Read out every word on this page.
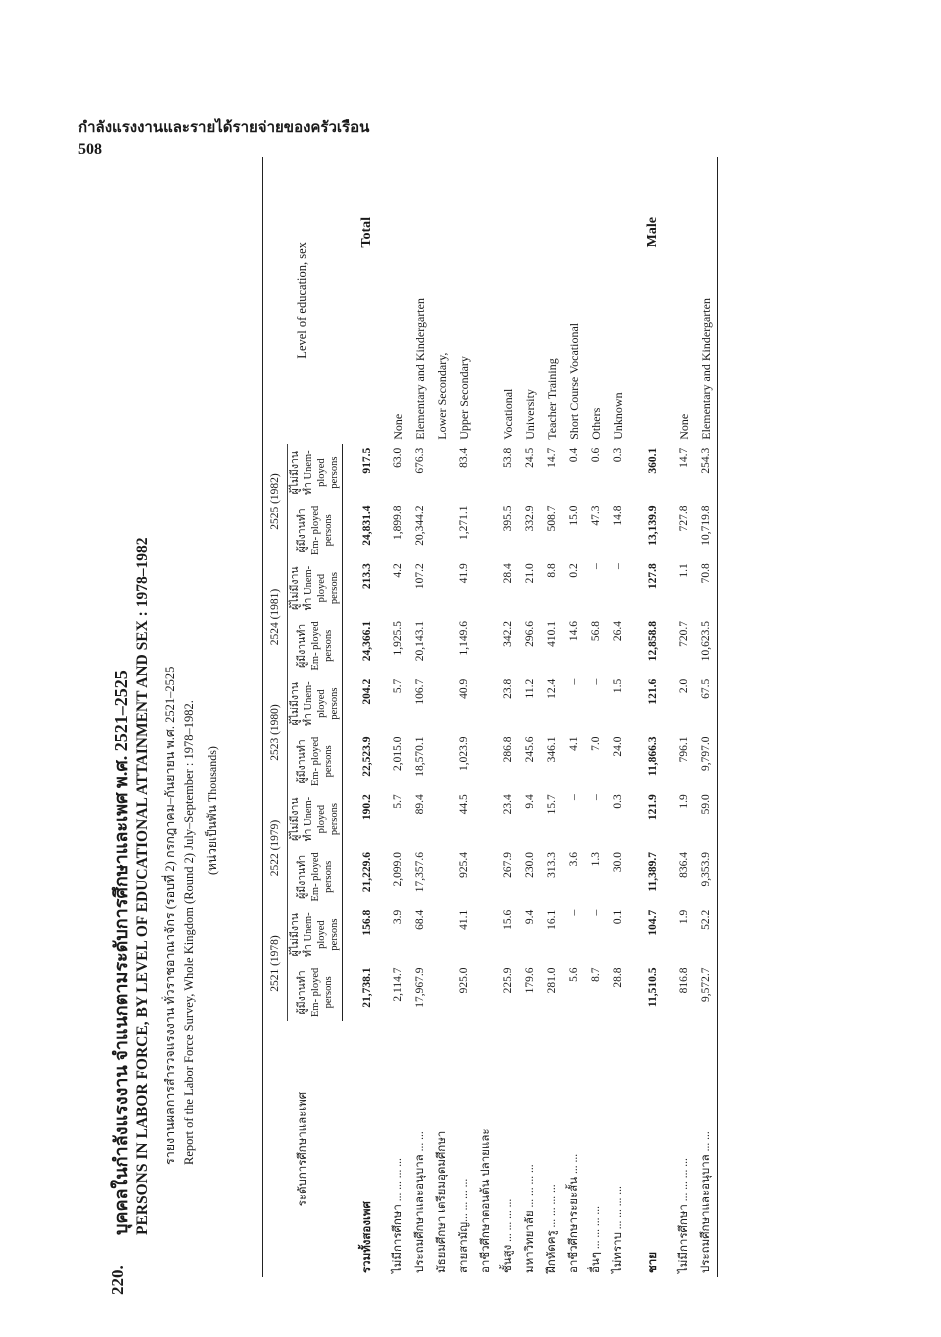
กำลังแรงงานและรายได้รายจ่ายของครัวเรือน
508
220.
บุคคลในกำลังแรงงาน จำแนกตามระดับการศึกษาและเพศ พ.ศ. 2521–2525 PERSONS IN LABOR FORCE, BY LEVEL OF EDUCATIONAL ATTAINMENT AND SEX : 1978–1982 รายงานผลการสำรวจแรงงาน ทั่วราชอาณาจักร (รอบที่ 2) กรกฎาคม–กันยายน พ.ศ. 2521–2525 Report of the Labor Force Survey, Whole Kingdom (Round 2) July–September : 1978–1982. (หน่วยเป็นพัน Thousands)
ระดับการศึกษาและเพศ	2521 (1978)		2522 (1979)		2523 (1980)		2524 (1981)		2525 (1982)		Level of education, sex
	ผู้มีงานทำ Em- ployed persons	ผู้ไม่มีงานทำ Unem- ployed persons	ผู้มีงานทำ Em- ployed persons	ผู้ไม่มีงานทำ Unem- ployed persons	ผู้มีงานทำ Em- ployed persons	ผู้ไม่มีงานทำ Unem- ployed persons	ผู้มีงานทำ Em- ployed persons	ผู้ไม่มีงานทำ Unem- ployed persons	ผู้มีงานทำ Em- ployed persons	ผู้ไม่มีงานทำ Unem- ployed persons	
รวมทั้งสองเพศ	21,738.1	156.8	21,229.6	190.2	22,523.9	204.2	24,366.1	213.3	24,831.4	917.5	Total
ไม่มีการศึกษา ... ... ... ...	2,114.7	3.9	2,099.0	5.7	2,015.0	5.7	1,925.5	4.2	1,899.8	63.0	None
ประถมศึกษาและอนุบาล ... ...	17,967.9	68.4	17,357.6	89.4	18,570.1	106.7	20,143.1	107.2	20,344.2	676.3	Elementary and Kindergarten
มัธยมศึกษา เตรียมอุดมศึกษา											Lower Secondary,
สายสามัญ... ... ... ...	925.0	41.1	925.4	44.5	1,023.9	40.9	1,149.6	41.9	1,271.1	83.4	Upper Secondary
อาชีวศึกษาตอนต้น ปลายและ											
ชั้นสูง ... ... ... ...	225.9	15.6	267.9	23.4	286.8	23.8	342.2	28.4	395.5	53.8	Vocational
มหาวิทยาลัย ... ... ... ...	179.6	9.4	230.0	9.4	245.6	11.2	296.6	21.0	332.9	24.5	University
ฝึกหัดครู ... ... ... ...	281.0	16.1	313.3	15.7	346.1	12.4	410.1	8.8	508.7	14.7	Teacher Training
อาชีวศึกษาระยะสั้น ... ...	5.6	–	3.6	–	4.1	–	14.6	0.2	15.0	0.4	Short Course Vocational
อื่นๆ ... ... ... ...	8.7	–	1.3	–	7.0	–	56.8	–	47.3	0.6	Others
ไม่ทราบ ... ... ... ...	28.8	0.1	30.0	0.3	24.0	1.5	26.4	–	14.8	0.3	Unknown
ชาย	11,510.5	104.7	11,389.7	121.9	11,866.3	121.6	12,858.8	127.8	13,139.9	360.1	Male
ไม่มีการศึกษา ... ... ... ...	816.8	1.9	836.4	1.9	796.1	2.0	720.7	1.1	727.8	14.7	None
ประถมศึกษาและอนุบาล ... ...	9,572.7	52.2	9,353.9	59.0	9,797.0	67.5	10,623.5	70.8	10,719.8	254.3	Elementary and Kindergarten
